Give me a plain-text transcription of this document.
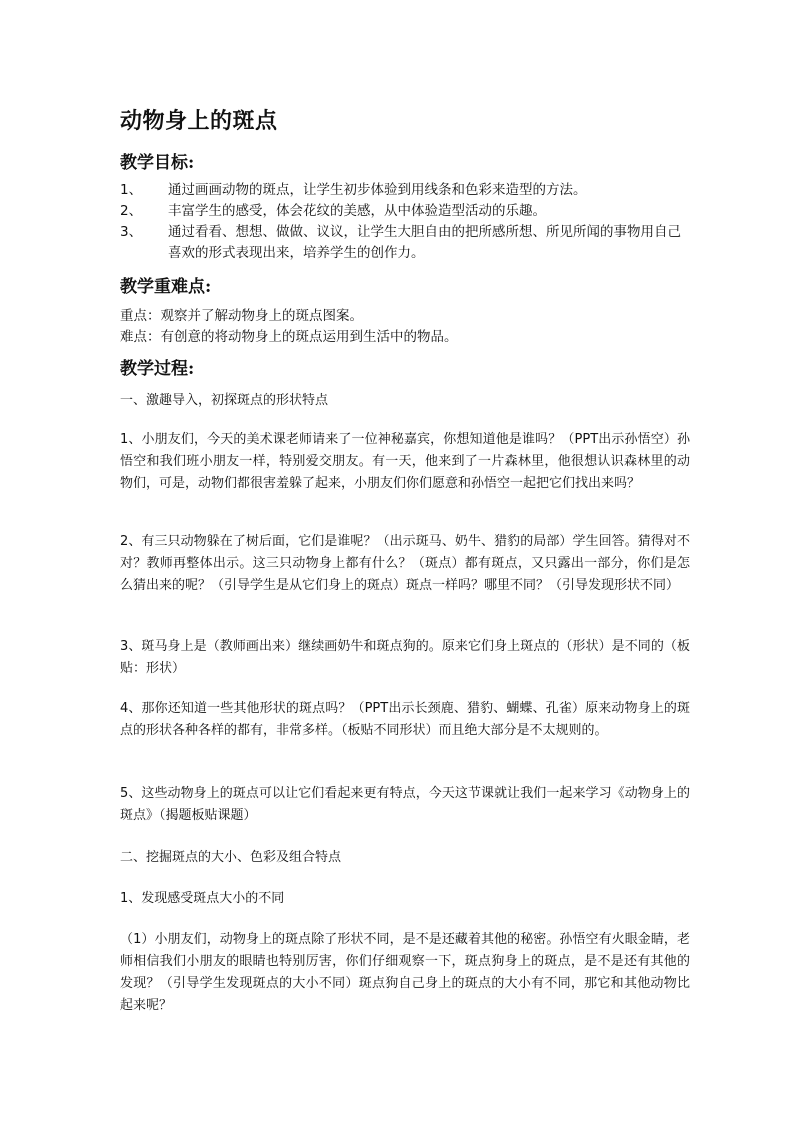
动物身上的斑点
教学目标:
1、 通过画画动物的斑点，让学生初步体验到用线条和色彩来造型的方法。
2、 丰富学生的感受，体会花纹的美感，从中体验造型活动的乐趣。
3、 通过看看、想想、做做、议议，让学生大胆自由的把所感所想、所见所闻的事物用自己喜欢的形式表现出来，培养学生的创作力。
教学重难点:
重点：观察并了解动物身上的斑点图案。
难点：有创意的将动物身上的斑点运用到生活中的物品。
教学过程:
一、激趣导入，初探斑点的形状特点
1、小朋友们，今天的美术课老师请来了一位神秘嘉宾，你想知道他是谁吗？（PPT出示孙悟空）孙悟空和我们班小朋友一样，特别爱交朋友。有一天，他来到了一片森林里，他很想认识森林里的动物们，可是，动物们都很害羞躲了起来，小朋友们你们愿意和孙悟空一起把它们找出来吗？
2、有三只动物躲在了树后面，它们是谁呢？（出示斑马、奶牛、猎豹的局部）学生回答。猜得对不对？教师再整体出示。这三只动物身上都有什么？（斑点）都有斑点，又只露出一部分，你们是怎么猜出来的呢？（引导学生是从它们身上的斑点）斑点一样吗？哪里不同？（引导发现形状不同）
3、斑马身上是（教师画出来）继续画奶牛和斑点狗的。原来它们身上斑点的（形状）是不同的（板贴：形状）
4、那你还知道一些其他形状的斑点吗？（PPT出示长颈鹿、猎豹、蝴蝶、孔雀）原来动物身上的斑点的形状各种各样的都有，非常多样。（板贴不同形状）而且绝大部分是不太规则的。
5、这些动物身上的斑点可以让它们看起来更有特点，今天这节课就让我们一起来学习《动物身上的斑点》（揭题板贴课题）
二、挖掘斑点的大小、色彩及组合特点
1、发现感受斑点大小的不同
（1）小朋友们，动物身上的斑点除了形状不同，是不是还藏着其他的秘密。孙悟空有火眼金睛，老师相信我们小朋友的眼睛也特别厉害，你们仔细观察一下，斑点狗身上的斑点，是不是还有其他的发现？（引导学生发现斑点的大小不同）斑点狗自己身上的斑点的大小有不同，那它和其他动物比起来呢？
